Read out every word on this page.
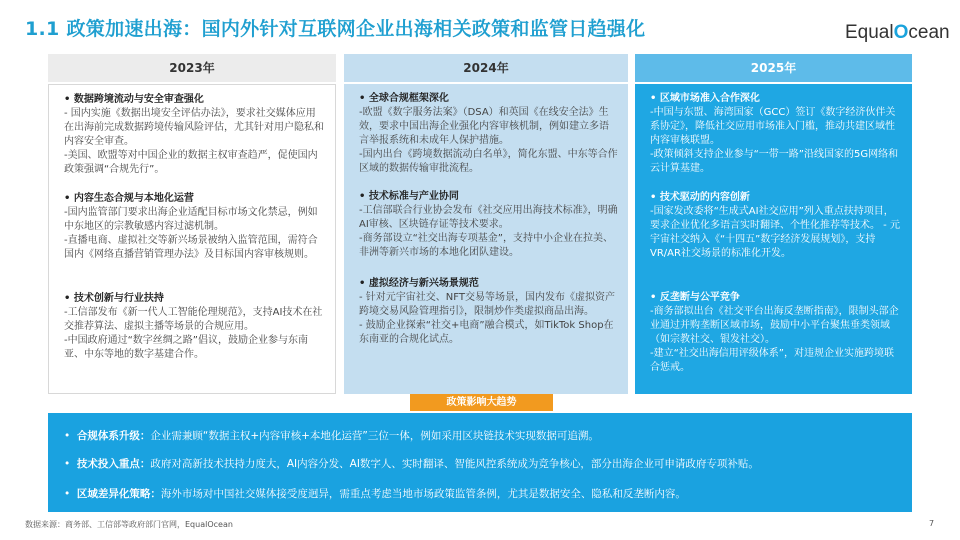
1.1 政策加速出海：国内外针对互联网企业出海相关政策和监管日趋强化	EqualOcean
2023年
• 数据跨境流动与安全审查强化
- 国内实施《数据出境安全评估办法》，要求社交媒体应用在出海前完成数据跨境传输风险评估，尤其针对用户隐私和内容安全审查。
-美国、欧盟等对中国企业的数据主权审查趋严，促使国内政策强调“合规先行”。
• 内容生态合规与本地化运营
-国内监管部门要求出海企业适配目标市场文化禁忌，例如中东地区的宗教敏感内容过滤机制。
-直播电商、虚拟社交等新兴场景被纳入监管范围，需符合国内《网络直播营销管理办法》及目标国内容审核规则。
• 技术创新与行业扶持
-工信部发布《新一代人工智能伦理规范》，支持AI技术在社交推荐算法、虚拟主播等场景的合规应用。
-中国政府通过“数字丝绸之路”倡议，鼓励企业参与东南亚、中东等地的数字基建合作。
2024年
• 全球合规框架深化
-欧盟《数字服务法案》（DSA）和英国《在线安全法》生效，要求中国出海企业强化内容审核机制，例如建立多语言举报系统和未成年人保护措施。
-国内出台《跨境数据流动白名单》，简化东盟、中东等合作区域的数据传输审批流程。
• 技术标准与产业协同
-工信部联合行业协会发布《社交应用出海技术标准》，明确AI审核、区块链存证等技术要求。
-商务部设立“社交出海专项基金”，支持中小企业在拉美、非洲等新兴市场的本地化团队建设。
• 虚拟经济与新兴场景规范
- 针对元宇宙社交、NFT交易等场景，国内发布《虚拟资产跨境交易风险管理指引》，限制炒作类虚拟商品出海。
- 鼓励企业探索“社交+电商”融合模式，如TikTok Shop在东南亚的合规化试点。
2025年
• 区域市场准入合作深化
-中国与东盟、海湾国家（GCC）签订《数字经济伙伴关系协定》，降低社交应用市场准入门槛，推动共建区域性内容审核联盟。
-政策倾斜支持企业参与“一带一路”沿线国家的5G网络和云计算基建。
• 技术驱动的内容创新
-国家发改委将“生成式AI社交应用”列入重点扶持项目，要求企业优化多语言实时翻译、个性化推荐等技术。 - 元宇宙社交纳入《“十四五”数字经济发展规划》，支持VR/AR社交场景的标准化开发。
• 反垄断与公平竞争
-商务部拟出台《社交平台出海反垄断指南》，限制头部企业通过并购垄断区域市场，鼓励中小平台聚焦垂类领域（如宗教社交、银发社交）。
-建立“社交出海信用评级体系”，对违规企业实施跨境联合惩戒。
政策影响大趋势
•  合规体系升级：企业需兼顾“数据主权+内容审核+本地化运营”三位一体，例如采用区块链技术实现数据可追溯。
•  技术投入重点：政府对高新技术扶持力度大，AI内容分发、AI数字人、实时翻译、智能风控系统成为竞争核心，部分出海企业可申请政府专项补贴。
•  区域差异化策略：海外市场对中国社交媒体接受度迥异，需重点考虑当地市场政策监管条例，尤其是数据安全、隐私和反垄断内容。
数据来源：商务部、工信部等政府部门官网，EqualOcean	7
